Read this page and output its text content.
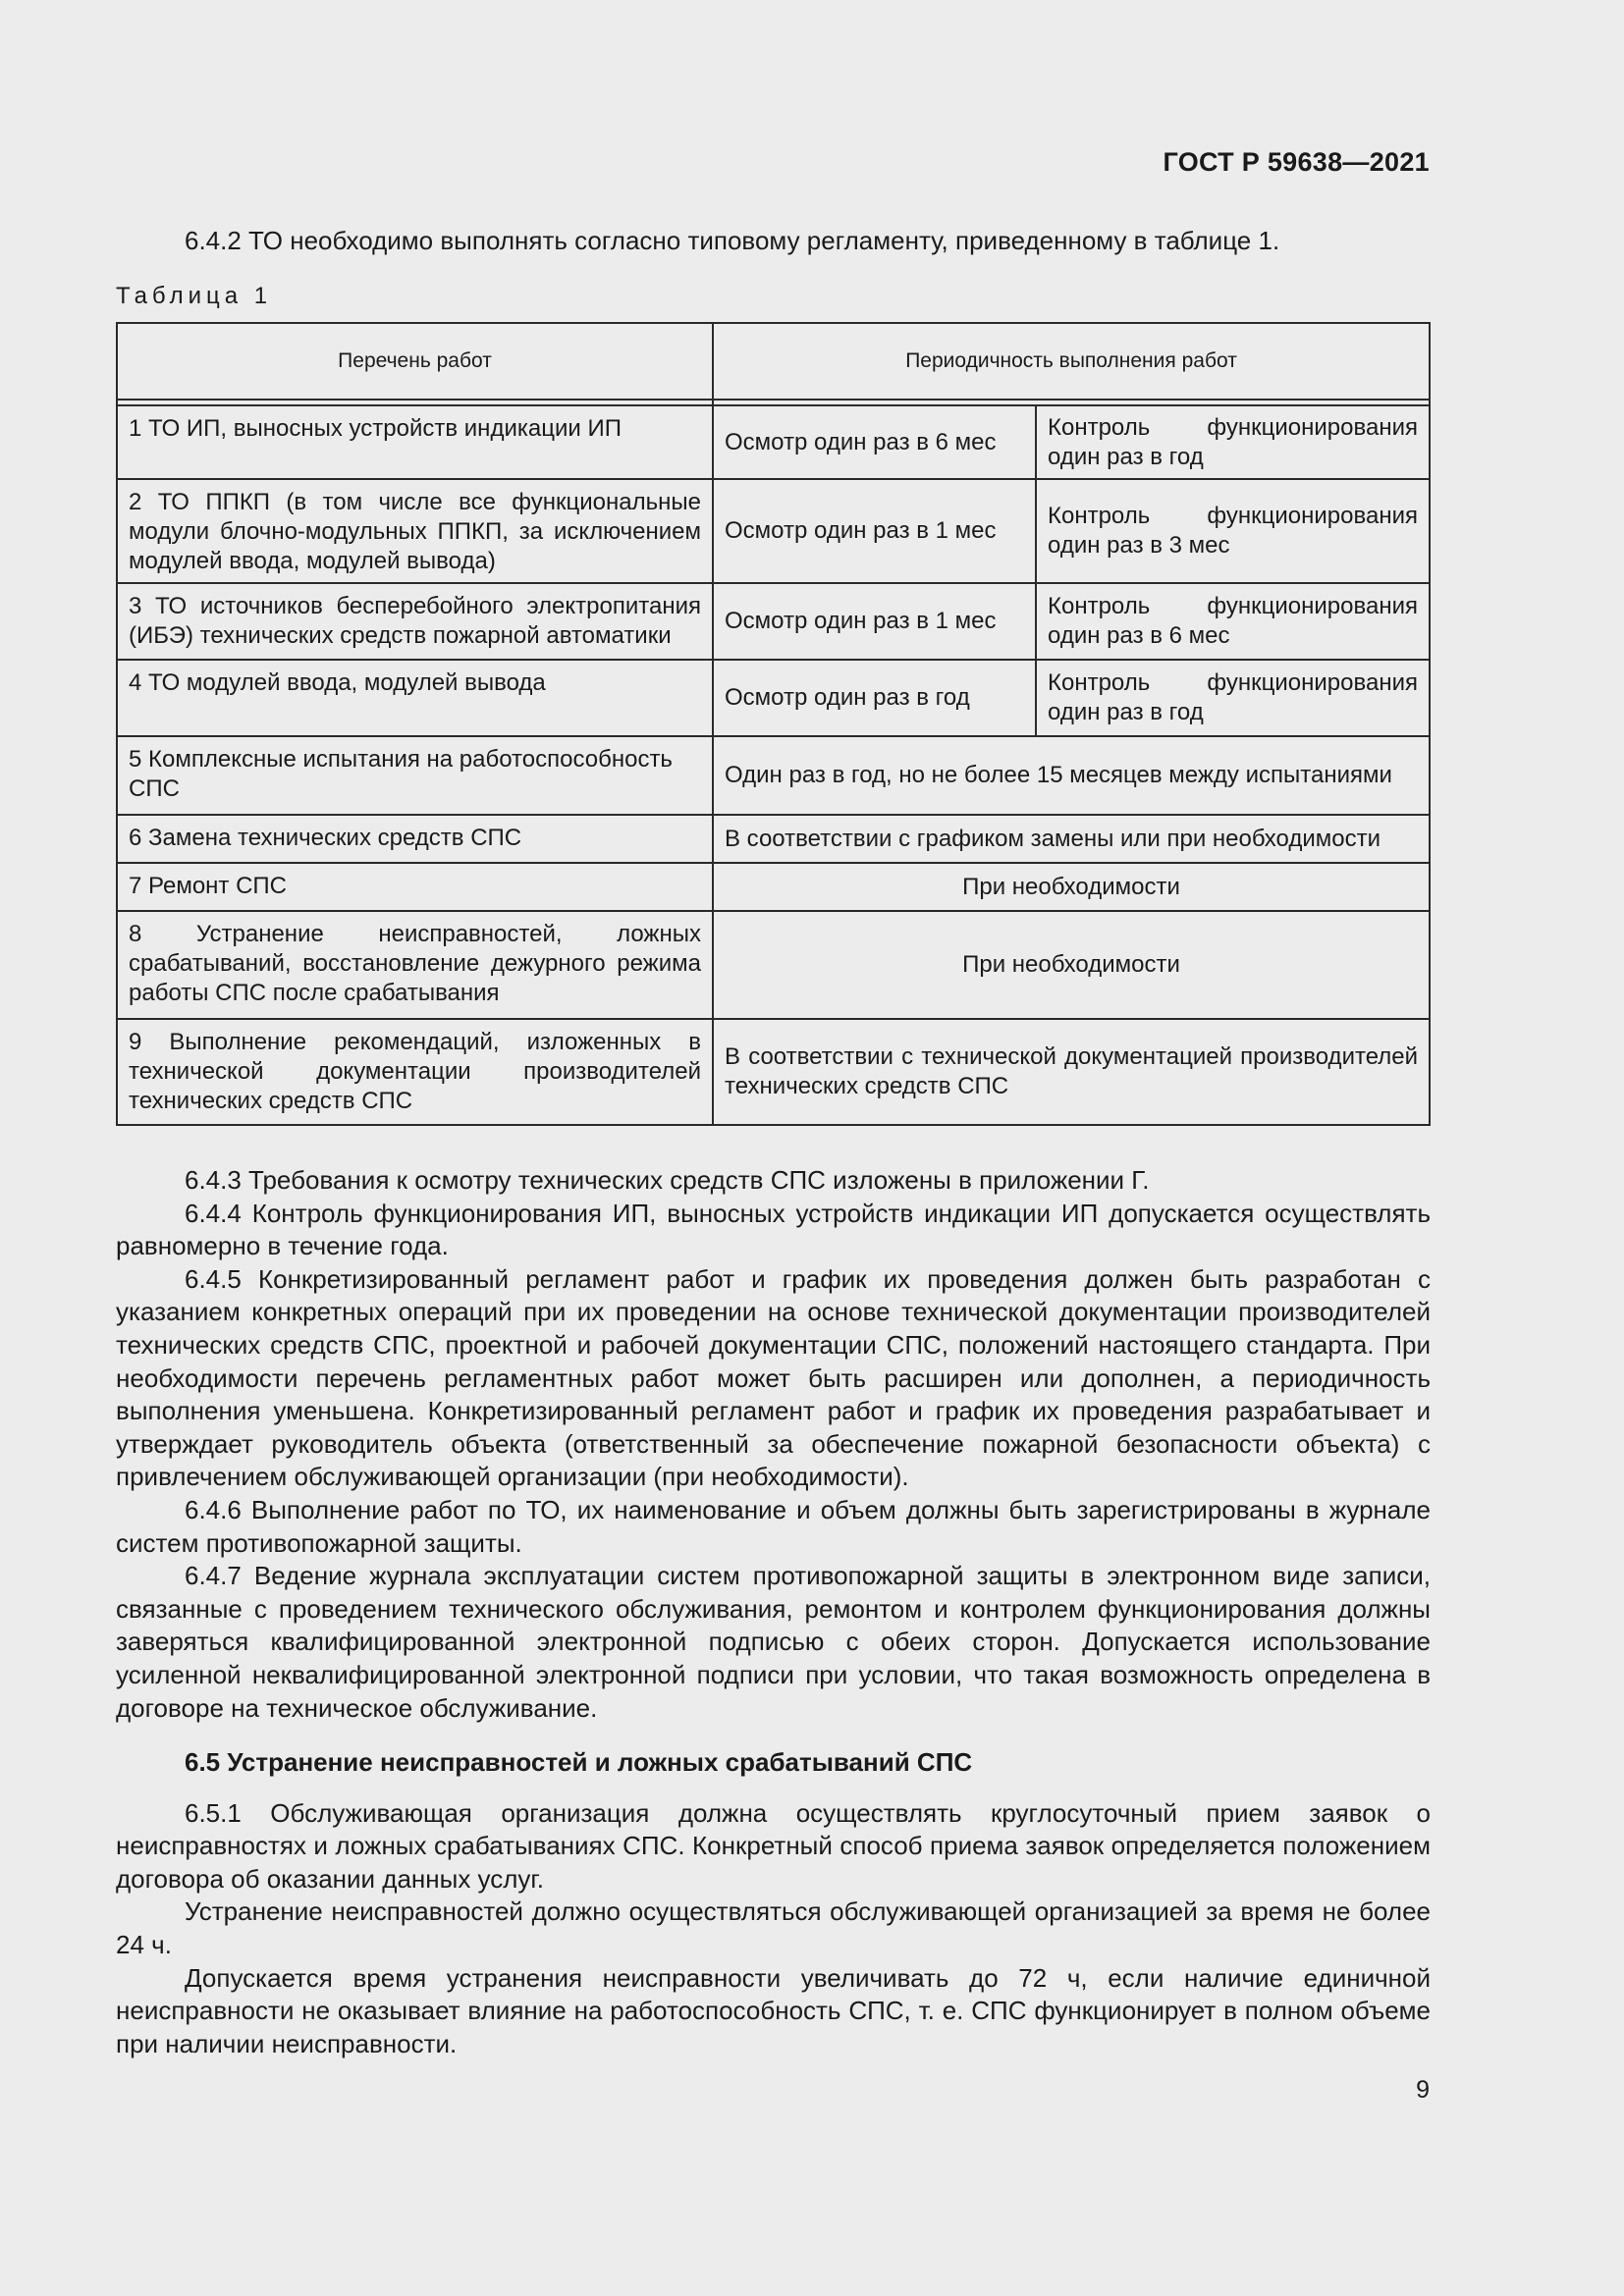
ГОСТ Р 59638—2021
6.4.2 ТО необходимо выполнять согласно типовому регламенту, приведенному в таблице 1.
Таблица 1
Перечень работ	Периодичность выполнения работ	

1 ТО ИП, выносных устройств индикации ИП	Осмотр один раз в 6 мес	Контроль функционирования один раз в год
2 ТО ППКП (в том числе все функциональные модули блочно-модульных ППКП, за исключением модулей ввода, модулей вывода)	Осмотр один раз в 1 мес	Контроль функционирования один раз в 3 мес
3 ТО источников бесперебойного электропитания (ИБЭ) технических средств пожарной автоматики	Осмотр один раз в 1 мес	Контроль функционирования один раз в 6 мес
4 ТО модулей ввода, модулей вывода	Осмотр один раз в год	Контроль функционирования один раз в год
5 Комплексные испытания на работоспособность СПС	Один раз в год, но не более 15 месяцев между испытаниями	
6 Замена технических средств СПС	В соответствии с графиком замены или при необходимости	
7 Ремонт СПС	При необходимости	
8 Устранение неисправностей, ложных срабатываний, восстановление дежурного режима работы СПС после срабатывания	При необходимости	
9 Выполнение рекомендаций, изложенных в технической документации производителей технических средств СПС	В соответствии с технической документацией производителей технических средств СПС	

6.4.3 Требования к осмотру технических средств СПС изложены в приложении Г.

6.4.4 Контроль функционирования ИП, выносных устройств индикации ИП допускается осуществлять равномерно в течение года.

6.4.5 Конкретизированный регламент работ и график их проведения должен быть разработан с указанием конкретных операций при их проведении на основе технической документации производителей технических средств СПС, проектной и рабочей документации СПС, положений настоящего стандарта. При необходимости перечень регламентных работ может быть расширен или дополнен, а периодичность выполнения уменьшена. Конкретизированный регламент работ и график их проведения разрабатывает и утверждает руководитель объекта (ответственный за обеспечение пожарной безопасности объекта) с привлечением обслуживающей организации (при необходимости).

6.4.6 Выполнение работ по ТО, их наименование и объем должны быть зарегистрированы в журнале систем противопожарной защиты.

6.4.7 Ведение журнала эксплуатации систем противопожарной защиты в электронном виде записи, связанные с проведением технического обслуживания, ремонтом и контролем функционирования должны заверяться квалифицированной электронной подписью с обеих сторон. Допускается использование усиленной неквалифицированной электронной подписи при условии, что такая возможность определена в договоре на техническое обслуживание.

6.5 Устранение неисправностей и ложных срабатываний СПС

6.5.1 Обслуживающая организация должна осуществлять круглосуточный прием заявок о неисправностях и ложных срабатываниях СПС. Конкретный способ приема заявок определяется положением договора об оказании данных услуг.

Устранение неисправностей должно осуществляться обслуживающей организацией за время не более 24 ч.

Допускается время устранения неисправности увеличивать до 72 ч, если наличие единичной неисправности не оказывает влияние на работоспособность СПС, т. е. СПС функционирует в полном объеме при наличии неисправности.

9
